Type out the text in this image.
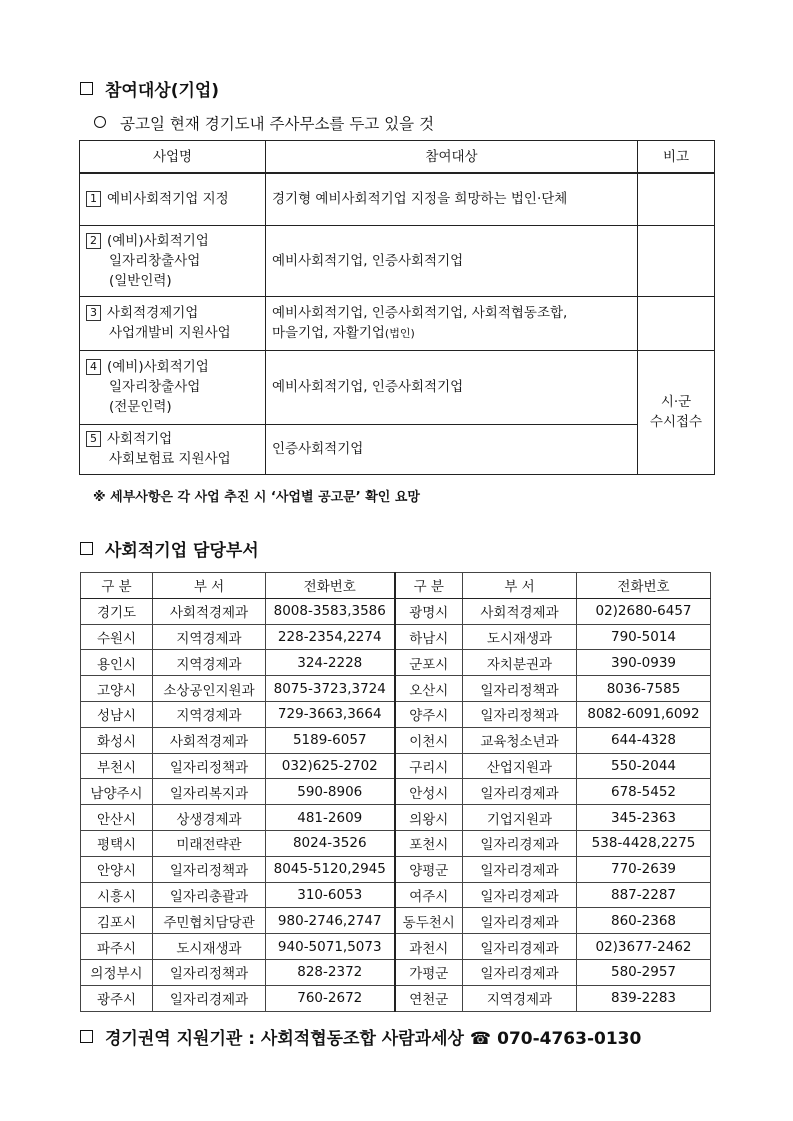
참여대상(기업)
공고일 현재 경기도내 주사무소를 두고 있을 것
사업명	참여대상	비고
1 예비사회적기업 지정	경기형 예비사회적기업 지정을 희망하는 법인·단체	
2 (예비)사회적기업
일자리창출사업
(일반인력)	예비사회적기업, 인증사회적기업	
3 사회적경제기업
사업개발비 지원사업	예비사회적기업, 인증사회적기업, 사회적협동조합,
마을기업, 자활기업(법인)	
4 (예비)사회적기업
일자리창출사업
(전문인력)	예비사회적기업, 인증사회적기업	시·군
수시접수
5 사회적기업
사회보험료 지원사업	인증사회적기업	
※ 세부사항은 각 사업 추진 시 ‘사업별 공고문’ 확인 요망
사회적기업 담당부서
구 분	부 서	전화번호	구 분	부 서	전화번호
경기도	사회적경제과	8008-3583,3586	광명시	사회적경제과	02)2680-6457
수원시	지역경제과	228-2354,2274	하남시	도시재생과	790-5014
용인시	지역경제과	324-2228	군포시	자치분권과	390-0939
고양시	소상공인지원과	8075-3723,3724	오산시	일자리정책과	8036-7585
성남시	지역경제과	729-3663,3664	양주시	일자리정책과	8082-6091,6092
화성시	사회적경제과	5189-6057	이천시	교육청소년과	644-4328
부천시	일자리정책과	032)625-2702	구리시	산업지원과	550-2044
남양주시	일자리복지과	590-8906	안성시	일자리경제과	678-5452
안산시	상생경제과	481-2609	의왕시	기업지원과	345-2363
평택시	미래전략관	8024-3526	포천시	일자리경제과	538-4428,2275
안양시	일자리정책과	8045-5120,2945	양평군	일자리경제과	770-2639
시흥시	일자리총괄과	310-6053	여주시	일자리경제과	887-2287
김포시	주민협치담당관	980-2746,2747	동두천시	일자리경제과	860-2368
파주시	도시재생과	940-5071,5073	과천시	일자리경제과	02)3677-2462
의정부시	일자리정책과	828-2372	가평군	일자리경제과	580-2957
광주시	일자리경제과	760-2672	연천군	지역경제과	839-2283
경기권역 지원기관 : 사회적협동조합 사람과세상 ☎ 070-4763-0130
